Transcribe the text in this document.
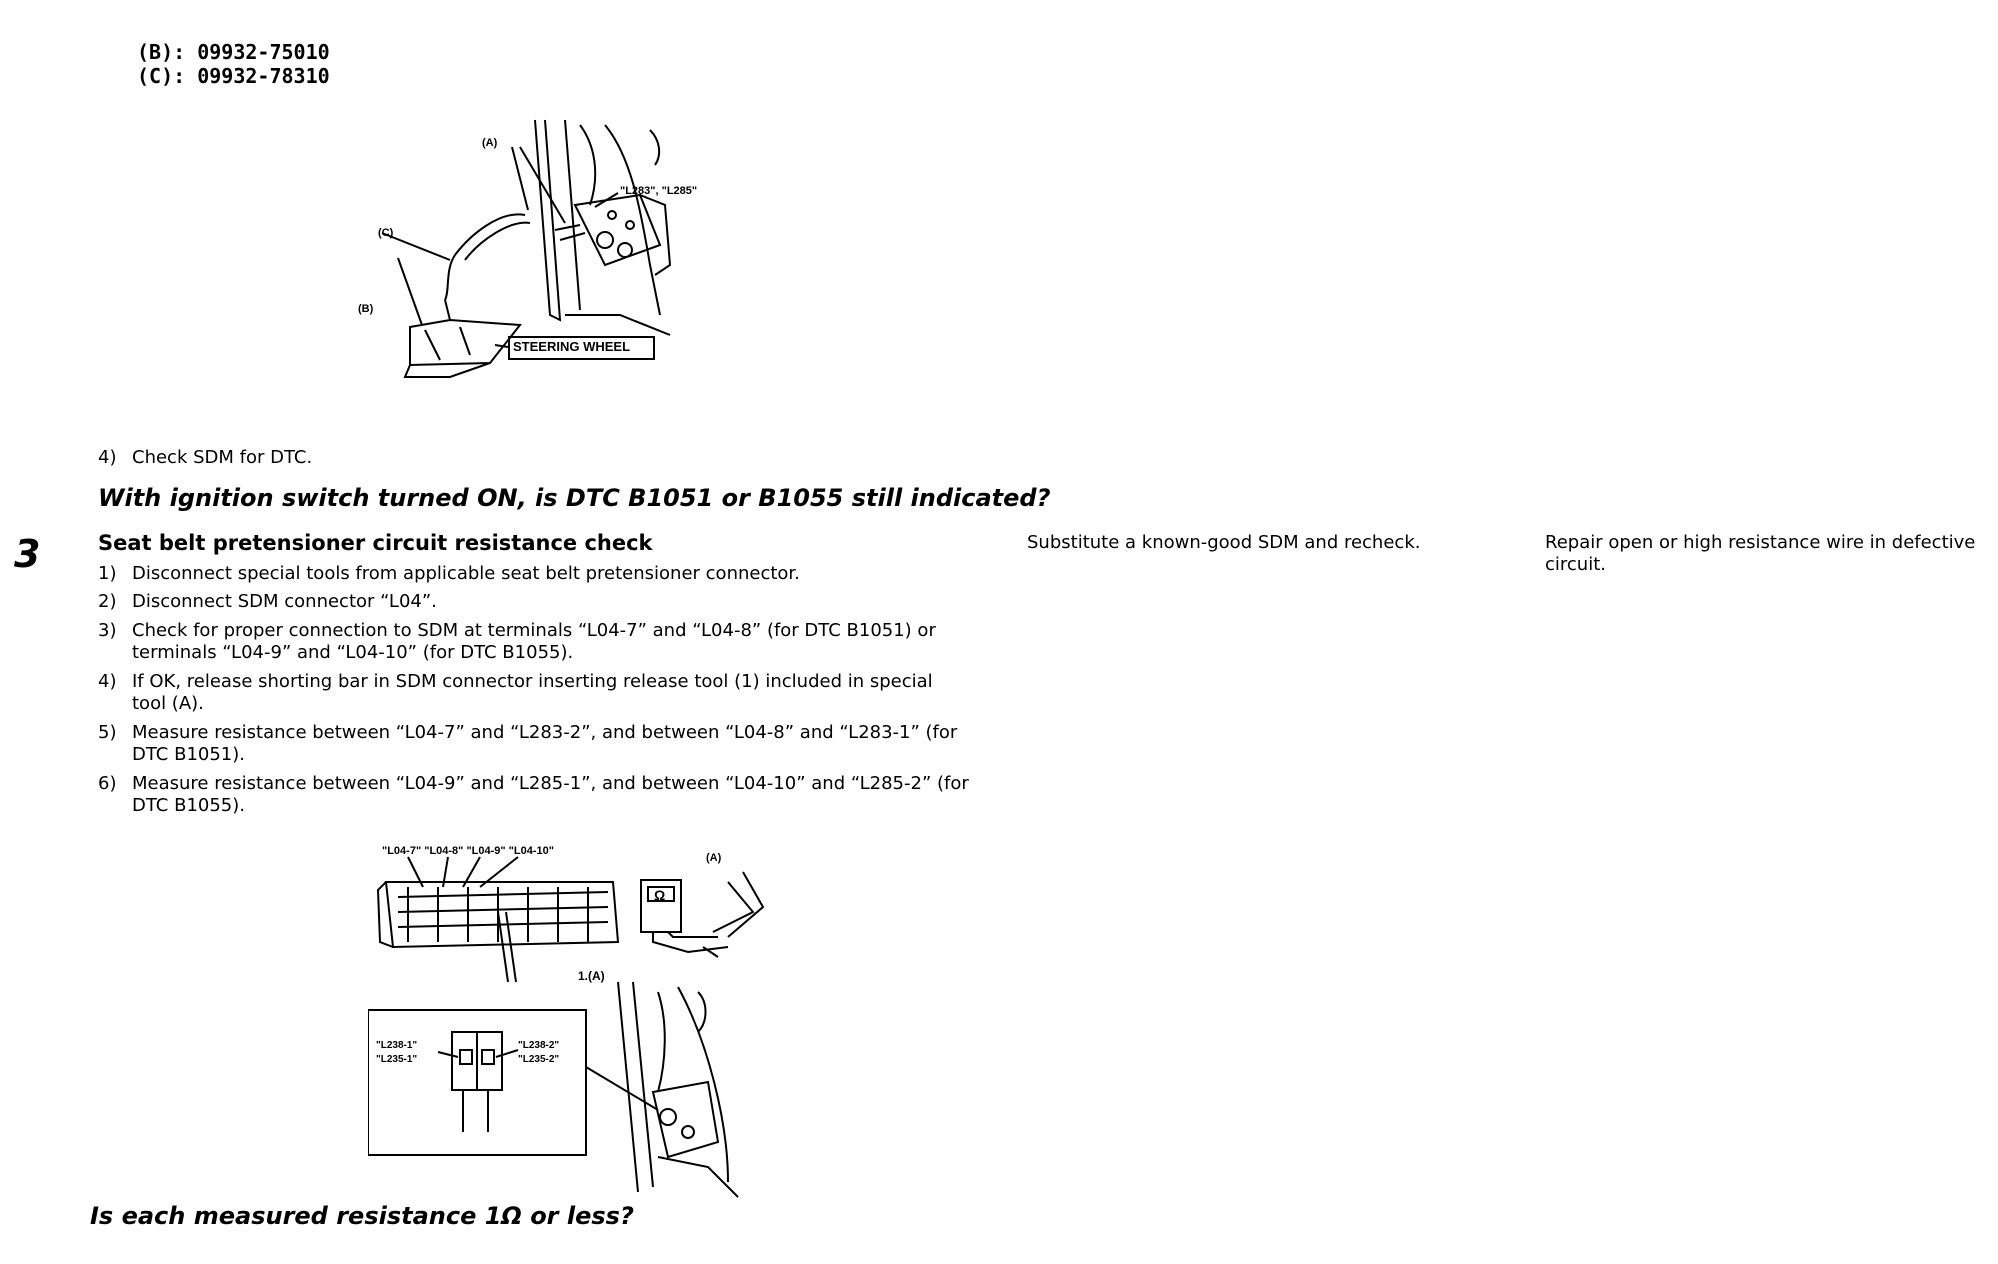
(B): 09932-75010
(C): 09932-78310
(A)
(C)
(B)
"L283", "L285"
STEERING WHEEL
4) Check SDM for DTC.
With ignition switch turned ON, is DTC B1051 or B1055 still indicated?
3	Seat belt pretensioner circuit resistance check	Substitute a known-good SDM and recheck.	Repair open or high resistance wire in defective
circuit.
1) Disconnect special tools from applicable seat belt pretensioner connector.
2) Disconnect SDM connector “L04”.
3) Check for proper connection to SDM at terminals “L04-7” and “L04-8” (for DTC B1051) or
terminals “L04-9” and “L04-10” (for DTC B1055).
4) If OK, release shorting bar in SDM connector inserting release tool (1) included in special
tool (A).
5) Measure resistance between “L04-7” and “L283-2”, and between “L04-8” and “L283-1” (for
DTC B1051).
6) Measure resistance between “L04-9” and “L285-1”, and between “L04-10” and “L285-2” (for
DTC B1055).
1.(A)
Ω
"L04-7" "L04-8" "L04-9" "L04-10"
(A)
"L238-1"
"L235-1"
"L238-2"
"L235-2"
Is each measured resistance 1Ω or less?
